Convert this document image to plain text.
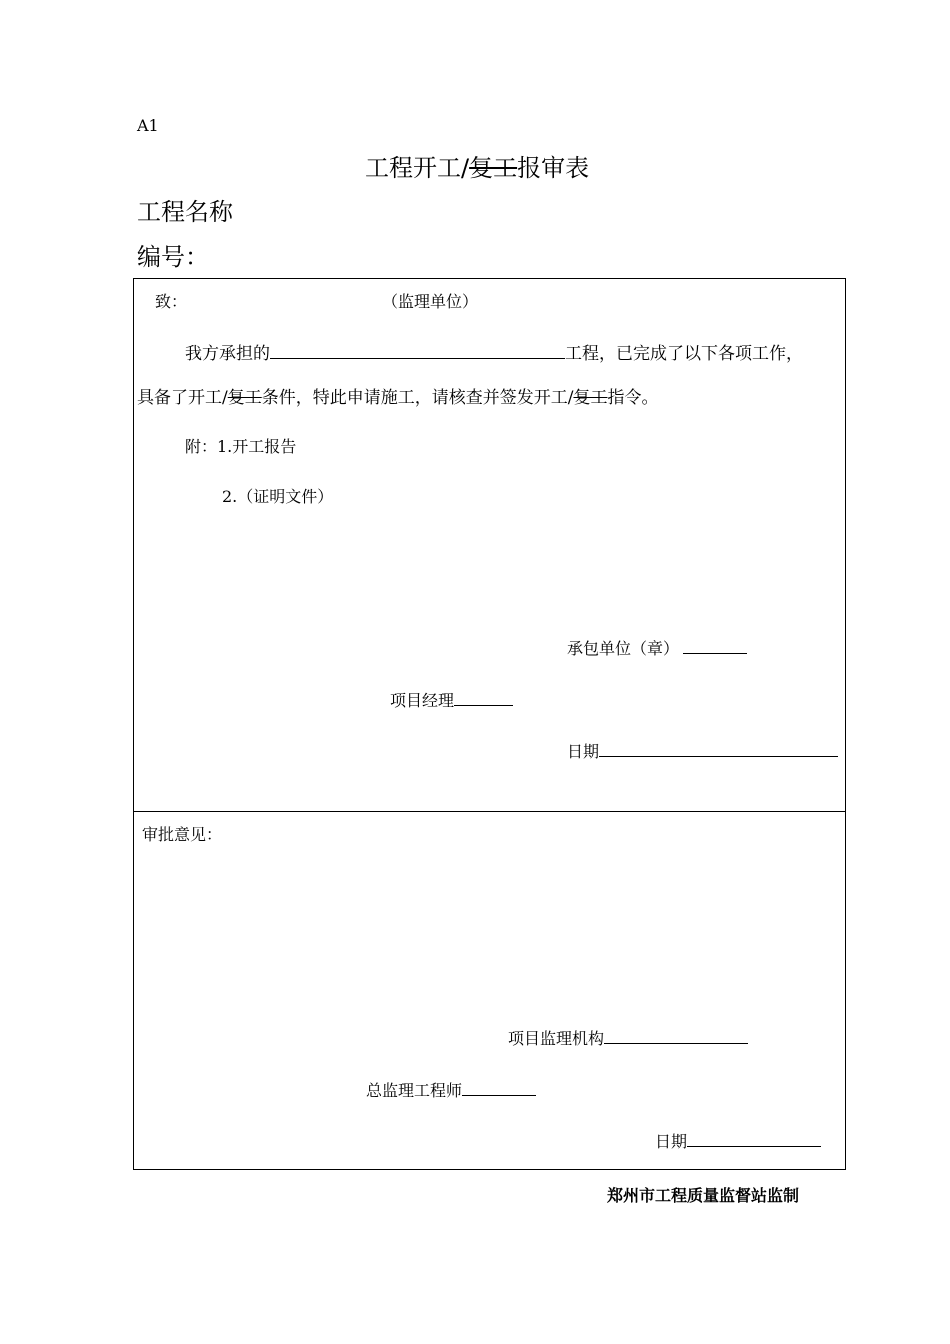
A1
工程开工/复工报审表
工程名称
编号：
致：	（监理单位）
我方承担的	工程，已完成了以下各项工作，
具备了开工/复工条件，特此申请施工，请核查并签发开工/复工指令。
附：1.开工报告
2.（证明文件）
承包单位（章）
项目经理
日期
审批意见：
项目监理机构
总监理工程师
日期
郑州市工程质量监督站监制
